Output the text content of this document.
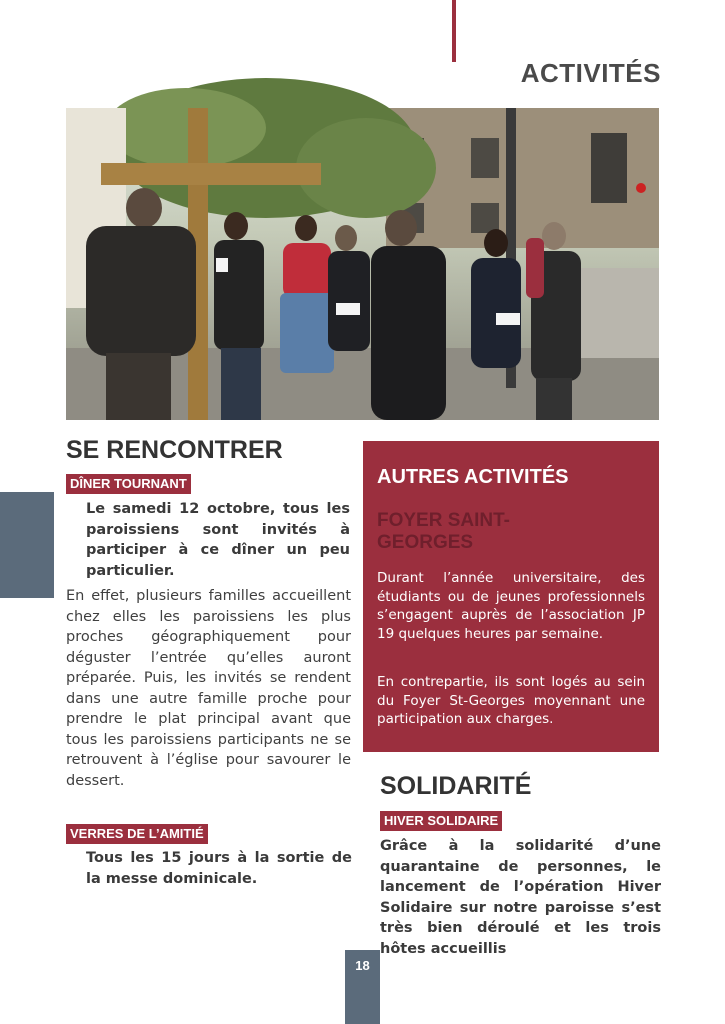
ACTIVITÉS
SE RENCONTRER
DÎNER TOURNANT

Le samedi 12 octobre, tous les paroissiens sont invités à participer à ce dîner un peu particulier.

En effet, plusieurs familles accueillent chez elles les paroissiens les plus proches géographiquement pour déguster l’entrée qu’elles auront préparée. Puis, les invités se rendent dans une autre famille proche pour prendre le plat principal avant que tous les paroissiens participants ne se retrouvent à l’église pour savourer le dessert.

VERRES DE L’AMITIÉ

Tous les 15 jours à la sortie de la messe dominicale.

AUTRES ACTIVITÉS
FOYER SAINT-GEORGES

Durant l’année universitaire, des étudiants ou de jeunes professionnels s’engagent auprès de l’association JP 19 quelques heures par semaine.

En contrepartie, ils sont logés au sein du Foyer St-Georges moyennant une participation aux charges.

SOLIDARITÉ
HIVER SOLIDAIRE

Grâce à la solidarité d’une quarantaine de personnes, le lancement de l’opération Hiver Solidaire sur notre paroisse s’est très bien déroulé et les trois hôtes accueillis

18
